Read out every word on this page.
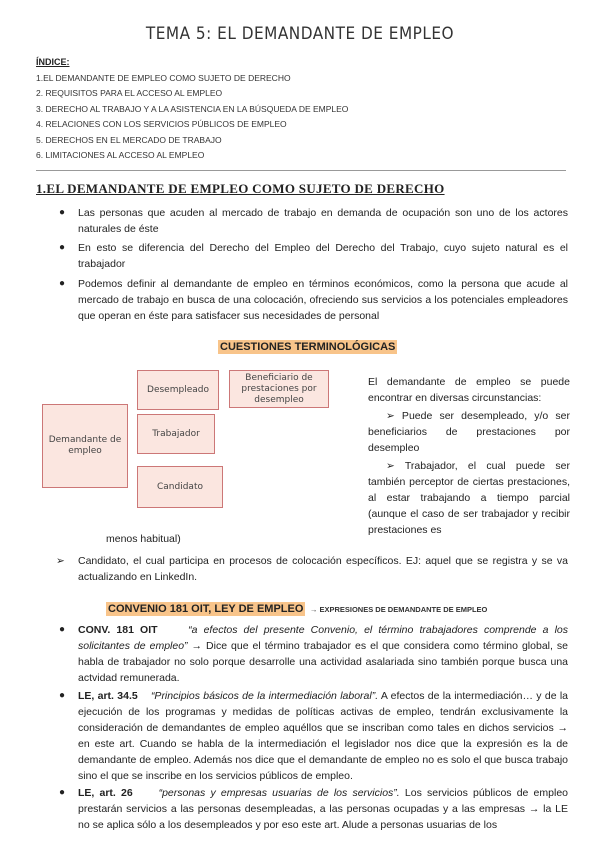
TEMA 5: EL DEMANDANTE DE EMPLEO
ÍNDICE:
1.EL DEMANDANTE DE EMPLEO COMO SUJETO DE DERECHO
2. REQUISITOS PARA EL ACCESO AL EMPLEO
3. DERECHO AL TRABAJO Y A LA ASISTENCIA EN LA BÚSQUEDA DE EMPLEO
4. RELACIONES CON LOS SERVICIOS PÚBLICOS DE EMPLEO
5. DERECHOS EN EL MERCADO DE TRABAJO
6. LIMITACIONES AL ACCESO AL EMPLEO
1.EL DEMANDANTE DE EMPLEO COMO SUJETO DE DERECHO
● Las personas que acuden al mercado de trabajo en demanda de ocupación son uno de los actores naturales de éste
● En esto se diferencia del Derecho del Empleo del Derecho del Trabajo, cuyo sujeto natural es el trabajador
● Podemos definir al demandante de empleo en términos económicos, como la persona que acude al mercado de trabajo en busca de una colocación, ofreciendo sus servicios a los potenciales empleadores que operan en éste para satisfacer sus necesidades de personal
CUESTIONES TERMINOLÓGICAS
Demandante de empleo
Desempleado
Beneficiario de prestaciones por desempleo
Trabajador
Candidato
El demandante de empleo se puede encontrar en diversas circunstancias:
➢ Puede ser desempleado, y/o ser beneficiarios de prestaciones por desempleo
➢ Trabajador, el cual puede ser también perceptor de ciertas prestaciones, al estar trabajando a tiempo parcial (aunque el caso de ser trabajador y recibir prestaciones es
menos habitual)
➢ Candidato, el cual participa en procesos de colocación específicos. EJ: aquel que se registra y se va actualizando en LinkedIn.
CONVENIO 181 OIT, LEY DE EMPLEO → EXPRESIONES DE DEMANDANTE DE EMPLEO
● CONV. 181 OIT	“a efectos del presente Convenio, el término trabajadores comprende a los solicitantes de empleo” → Dice que el término trabajador es el que considera como término global, se habla de trabajador no solo porque desarrolle una actividad asalariada sino también porque busca una actvidad remunerada.
● LE, art. 34.5 “Principios básicos de la intermediación laboral”. A efectos de la intermediación… y de la ejecución de los programas y medidas de políticas activas de empleo, tendrán exclusivamente la consideración de demandantes de empleo aquéllos que se inscriban como tales en dichos servicios → en este art. Cuando se habla de la intermediación el legislador nos dice que la expresión es la de demandante de empleo. Además nos dice que el demandante de empleo no es solo el que busca trabajo sino el que se inscribe en los servicios públicos de empleo.
● LE, art. 26 “personas y empresas usuarias de los servicios”. Los servicios públicos de empleo prestarán servicios a las personas desempleadas, a las personas ocupadas y a las empresas → la LE no se aplica sólo a los desempleados y por eso este art. Alude a personas usuarias de los
